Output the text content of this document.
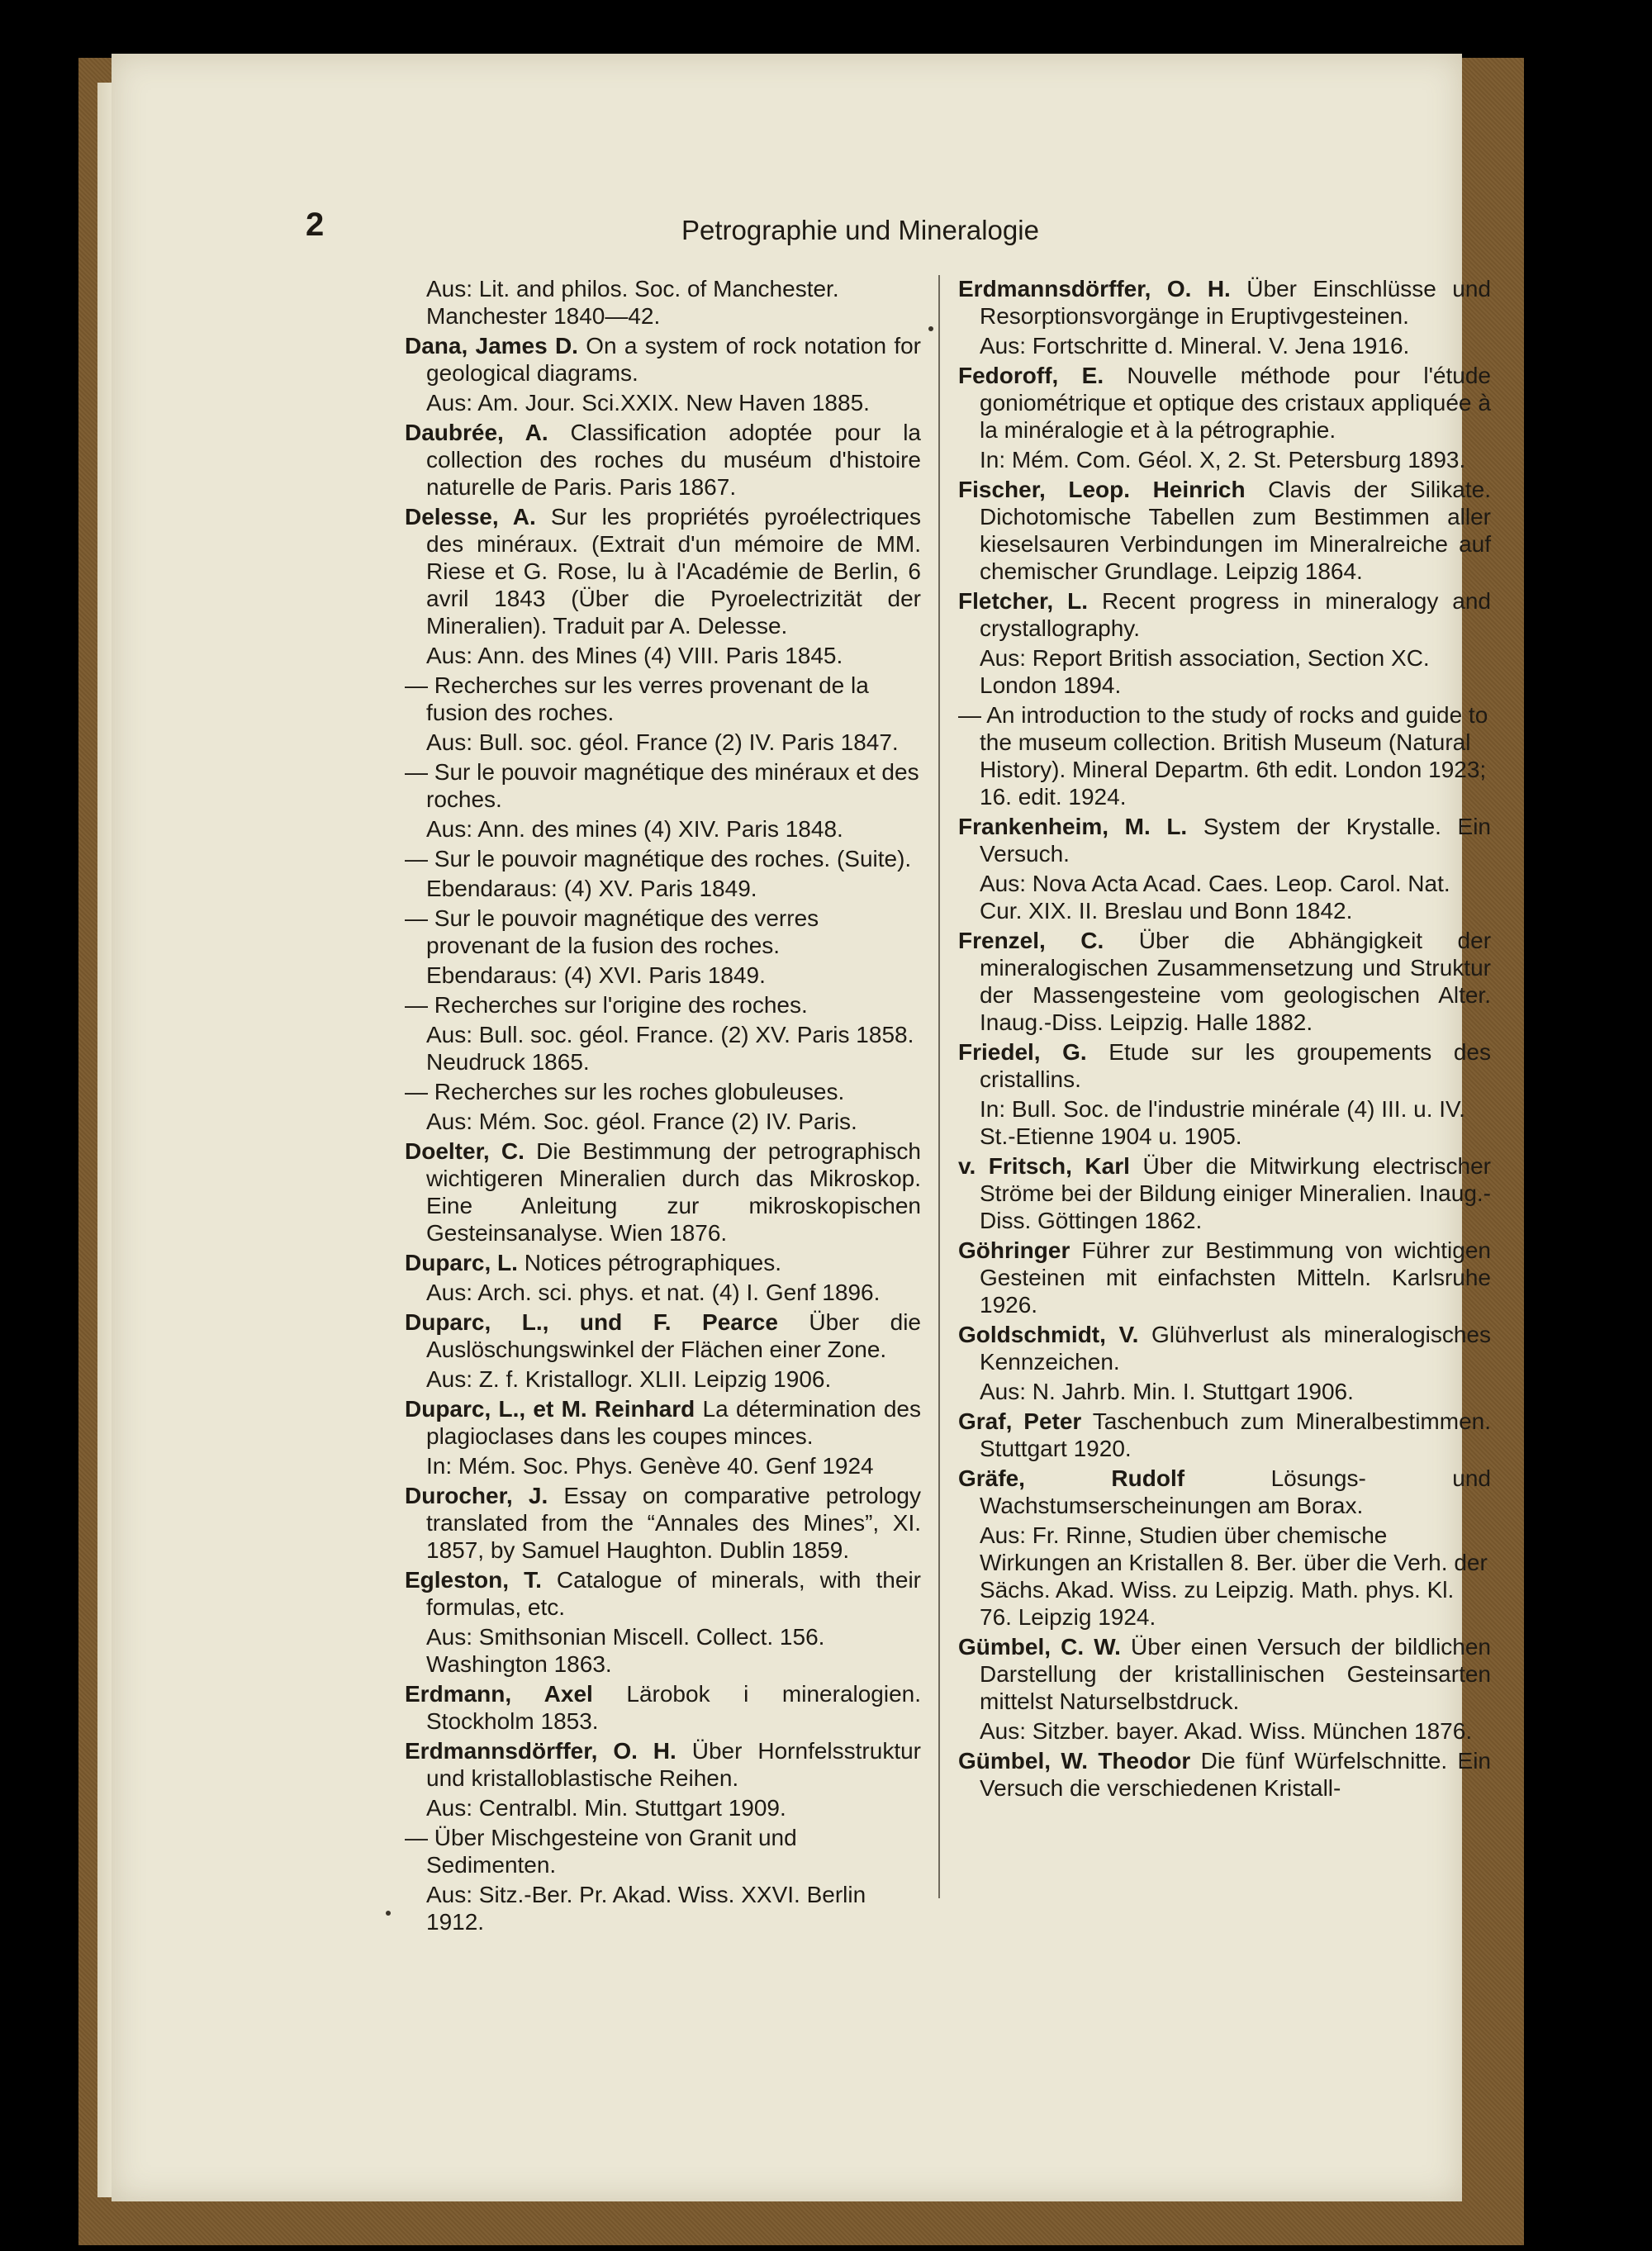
2	Petrographie und Mineralogie
Aus: Lit. and philos. Soc. of Manchester. Manchester 1840—42.
Dana, James D. On a system of rock notation for geological diagrams.
Aus: Am. Jour. Sci.XXIX. New Haven 1885.
Daubrée, A. Classification adoptée pour la collection des roches du muséum d'histoire naturelle de Paris. Paris 1867.
Delesse, A. Sur les propriétés pyroélectriques des minéraux. (Extrait d'un mémoire de MM. Riese et G. Rose, lu à l'Académie de Berlin, 6 avril 1843 (Über die Pyroelectrizität der Mineralien). Traduit par A. Delesse.
Aus: Ann. des Mines (4) VIII. Paris 1845.
— Recherches sur les verres provenant de la fusion des roches.
Aus: Bull. soc. géol. France (2) IV. Paris 1847.
— Sur le pouvoir magnétique des minéraux et des roches.
Aus: Ann. des mines (4) XIV. Paris 1848.
— Sur le pouvoir magnétique des roches. (Suite).
Ebendaraus: (4) XV. Paris 1849.
— Sur le pouvoir magnétique des verres provenant de la fusion des roches.
Ebendaraus: (4) XVI. Paris 1849.
— Recherches sur l'origine des roches.
Aus: Bull. soc. géol. France. (2) XV. Paris 1858. Neudruck 1865.
— Recherches sur les roches globuleuses.
Aus: Mém. Soc. géol. France (2) IV. Paris.
Doelter, C. Die Bestimmung der petrographisch wichtigeren Mineralien durch das Mikroskop. Eine Anleitung zur mikroskopischen Gesteinsanalyse. Wien 1876.
Duparc, L. Notices pétrographiques.
Aus: Arch. sci. phys. et nat. (4) I. Genf 1896.
Duparc, L., und F. Pearce Über die Auslöschungswinkel der Flächen einer Zone.
Aus: Z. f. Kristallogr. XLII. Leipzig 1906.
Duparc, L., et M. Reinhard La détermination des plagioclases dans les coupes minces.
In: Mém. Soc. Phys. Genève 40. Genf 1924
Durocher, J. Essay on comparative petrology translated from the “Annales des Mines”, XI. 1857, by Samuel Haughton. Dublin 1859.
Egleston, T. Catalogue of minerals, with their formulas, etc.
Aus: Smithsonian Miscell. Collect. 156. Washington 1863.
Erdmann, Axel Lärobok i mineralogien. Stockholm 1853.
Erdmannsdörffer, O. H. Über Hornfelsstruktur und kristalloblastische Reihen.
Aus: Centralbl. Min. Stuttgart 1909.
— Über Mischgesteine von Granit und Sedimenten.
Aus: Sitz.-Ber. Pr. Akad. Wiss. XXVI. Berlin 1912.
Erdmannsdörffer, O. H. Über Einschlüsse und Resorptionsvorgänge in Eruptivgesteinen.
Aus: Fortschritte d. Mineral. V. Jena 1916.
Fedoroff, E. Nouvelle méthode pour l'étude goniométrique et optique des cristaux appliquée à la minéralogie et à la pétrographie.
In: Mém. Com. Géol. X, 2. St. Petersburg 1893.
Fischer, Leop. Heinrich Clavis der Silikate. Dichotomische Tabellen zum Bestimmen aller kieselsauren Verbindungen im Mineralreiche auf chemischer Grundlage. Leipzig 1864.
Fletcher, L. Recent progress in mineralogy and crystallography.
Aus: Report British association, Section XC. London 1894.
— An introduction to the study of rocks and guide to the museum collection. British Museum (Natural History). Mineral Departm. 6th edit. London 1923; 16. edit. 1924.
Frankenheim, M. L. System der Krystalle. Ein Versuch.
Aus: Nova Acta Acad. Caes. Leop. Carol. Nat. Cur. XIX. II. Breslau und Bonn 1842.
Frenzel, C. Über die Abhängigkeit der mineralogischen Zusammensetzung und Struktur der Massengesteine vom geologischen Alter. Inaug.-Diss. Leipzig. Halle 1882.
Friedel, G. Etude sur les groupements des cristallins.
In: Bull. Soc. de l'industrie minérale (4) III. u. IV. St.-Etienne 1904 u. 1905.
v. Fritsch, Karl Über die Mitwirkung electrischer Ströme bei der Bildung einiger Mineralien. Inaug.-Diss. Göttingen 1862.
Göhringer Führer zur Bestimmung von wichtigen Gesteinen mit einfachsten Mitteln. Karlsruhe 1926.
Goldschmidt, V. Glühverlust als mineralogisches Kennzeichen.
Aus: N. Jahrb. Min. I. Stuttgart 1906.
Graf, Peter Taschenbuch zum Mineralbestimmen. Stuttgart 1920.
Gräfe, Rudolf	Lösungs- und Wachstumserscheinungen am Borax.
Aus: Fr. Rinne, Studien über chemische Wirkungen an Kristallen 8. Ber. über die Verh. der Sächs. Akad. Wiss. zu Leipzig. Math. phys. Kl. 76. Leipzig 1924.
Gümbel, C. W. Über einen Versuch der bildlichen Darstellung der kristallinischen Gesteinsarten mittelst Naturselbstdruck.
Aus: Sitzber. bayer. Akad. Wiss. München 1876.
Gümbel, W. Theodor Die fünf Würfelschnitte. Ein Versuch die verschiedenen Kristall-
